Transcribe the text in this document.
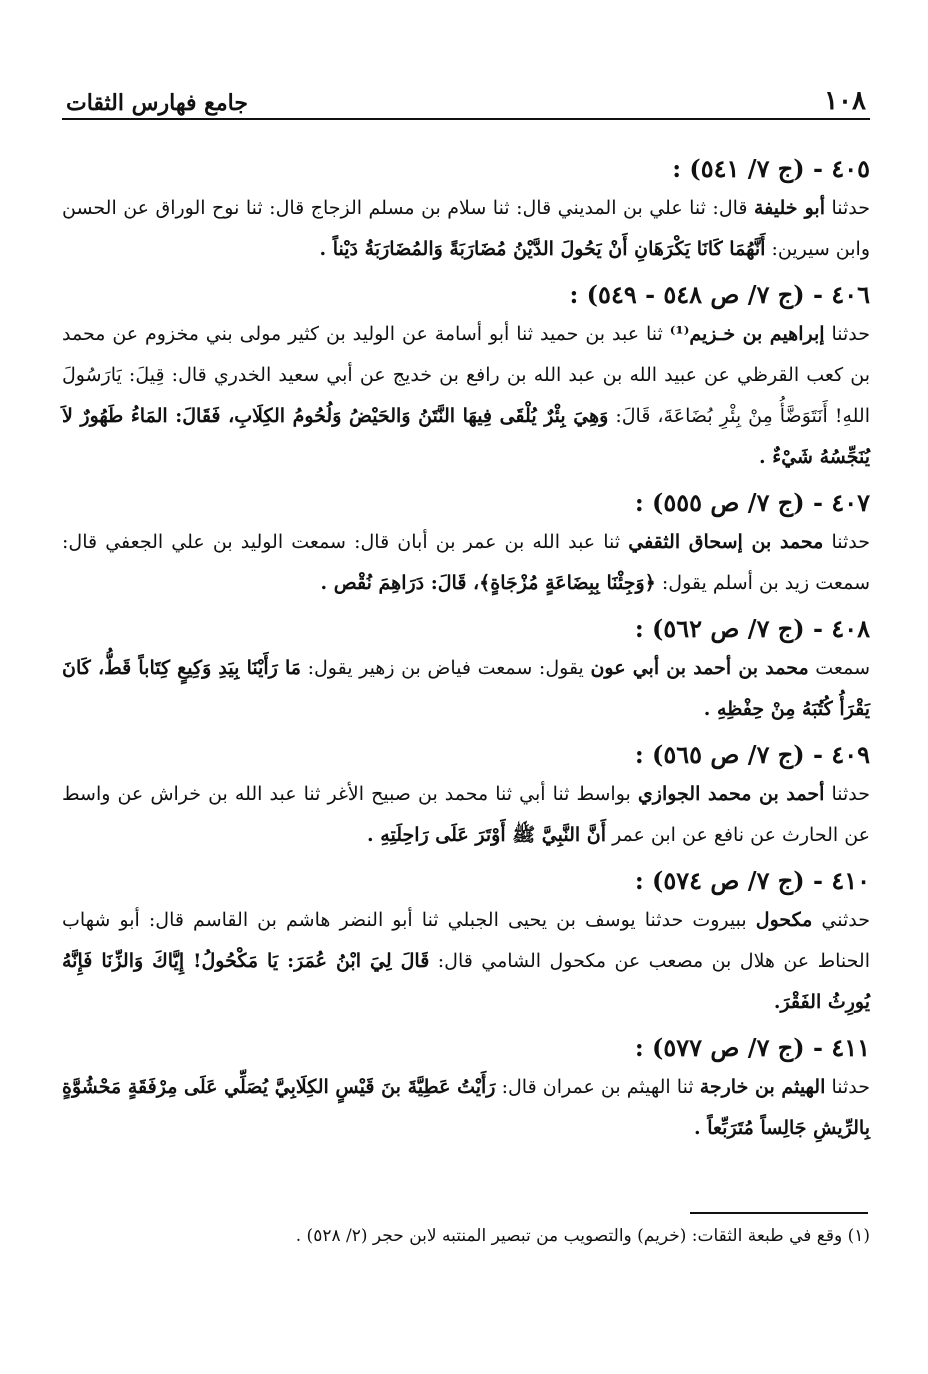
١٠٨
جامع فهارس الثقات

٤٠٥ - (ج ٧/ ٥٤١) :

حدثنا أبو خليفة قال: ثنا علي بن المديني قال: ثنا سلام بن مسلم الزجاج قال: ثنا نوح الوراق عن الحسن وابن سيرين: أَنَّهُمَا كَانَا يَكْرَهَانِ أَنْ يَحُولَ الدَّيْنُ مُضَارَبَةً وَالمُضَارَبَةُ دَيْناً .

٤٠٦ - (ج ٧/ ص ٥٤٨ - ٥٤٩) :

حدثنا إبراهيم بن خـزيم⁽¹⁾ ثنا عبد بن حميد ثنا أبو أسامة عن الوليد بن كثير مولى بني مخزوم عن محمد بن كعب القرظي عن عبيد الله بن عبد الله بن رافع بن خديج عن أبي سعيد الخدري قال: قِيلَ: يَارَسُولَ اللهِ! أَنَتَوَضَّأُ مِنْ بِئْرِ بُضَاعَةَ، قَالَ: وَهِيَ بِئْرٌ يُلْقَى فِيهَا النَّتَنُ وَالحَيْضُ وَلُحُومُ الكِلَابِ، فَقَالَ: المَاءُ طَهُورٌ لاَ يُنَجِّسُهُ شَيْءٌ .

٤٠٧ - (ج ٧/ ص ٥٥٥) :

حدثنا محمد بن إسحاق الثقفي ثنا عبد الله بن عمر بن أبان قال: سمعت الوليد بن علي الجعفي قال: سمعت زيد بن أسلم يقول: ﴿وَجِئْنَا بِبِضَاعَةٍ مُزْجَاةٍ﴾، قَالَ: دَرَاهِمَ نُقْص .

٤٠٨ - (ج ٧/ ص ٥٦٢) :

سمعت محمد بن أحمد بن أبي عون يقول: سمعت فياض بن زهير يقول: مَا رَأَيْنَا بِيَدِ وَكِيعٍ كِتَاباً قَطُّ، كَانَ يَقْرَأُ كُتُبَهُ مِنْ حِفْظِهِ .

٤٠٩ - (ج ٧/ ص ٥٦٥) :

حدثنا أحمد بن محمد الجوازي بواسط ثنا أبي ثنا محمد بن صبيح الأغر ثنا عبد الله بن خراش عن واسط عن الحارث عن نافع عن ابن عمر أَنَّ النَّبِيَّ ﷺ أَوْتَرَ عَلَى رَاحِلَتِهِ .

٤١٠ - (ج ٧/ ص ٥٧٤) :

حدثني مكحول ببيروت حدثنا يوسف بن يحيى الجبلي ثنا أبو النضر هاشم بن القاسم قال: أبو شهاب الحناط عن هلال بن مصعب عن مكحول الشامي قال: قَالَ لِيَ ابْنُ عُمَرَ: يَا مَكْحُولُ! إِيَّاكَ وَالزِّنَا فَإِنَّهُ يُورِثُ الفَقْرَ.

٤١١ - (ج ٧/ ص ٥٧٧) :

حدثنا الهيثم بن خارجة ثنا الهيثم بن عمران قال: رَأَيْتُ عَطِيَّةَ بنَ قَيْسٍ الكِلَابِيَّ يُصَلِّي عَلَى مِرْفَقَةٍ مَحْشُوَّةٍ بِالرِّيشِ جَالِساً مُتَرَبِّعاً .

(١) وقع في طبعة الثقات: (خريم) والتصويب من تبصير المنتبه لابن حجر (٢/ ٥٢٨) .
